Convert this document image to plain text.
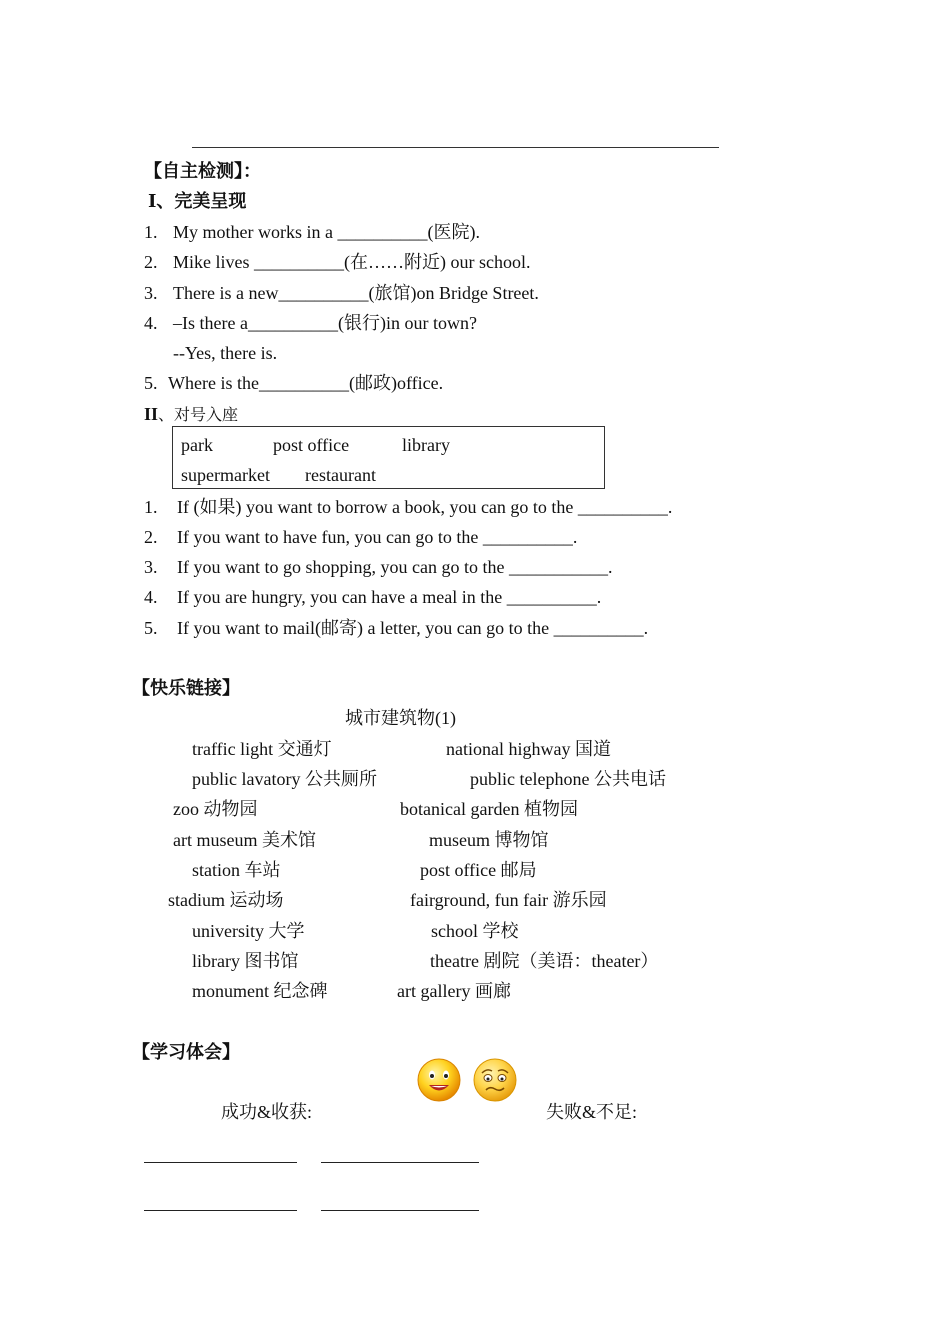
【自主检测】：
Ⅰ、完美呈现
1. My mother works in a __________(医院).
2. Mike lives __________(在……附近) our school.
3. There is a new__________(旅馆)on Bridge Street.
4. –Is there a__________(银行)in our town?
--Yes, there is.
5. Where is the__________(邮政)office.
II、对号入座
park	post office	library
supermarket restaurant
1. If (如果) you want to borrow a book, you can go to the __________.
2. If you want to have fun, you can go to the __________.
3. If you want to go shopping, you can go to the ___________.
4. If you are hungry, you can have a meal in the __________.
5. If you want to mail(邮寄) a letter, you can go to the __________.
【快乐链接】
城市建筑物(1)
traffic light 交通灯	national highway 国道
public lavatory 公共厕所	public telephone 公共电话
zoo 动物园	botanical garden 植物园
art museum 美术馆	museum 博物馆
station 车站	post office 邮局
stadium 运动场	fairground, fun fair 游乐园
university 大学	school 学校
library 图书馆	theatre 剧院（美语：theater）
monument 纪念碑	art gallery 画廊
【学习体会】
成功&收获:	失败&不足:
